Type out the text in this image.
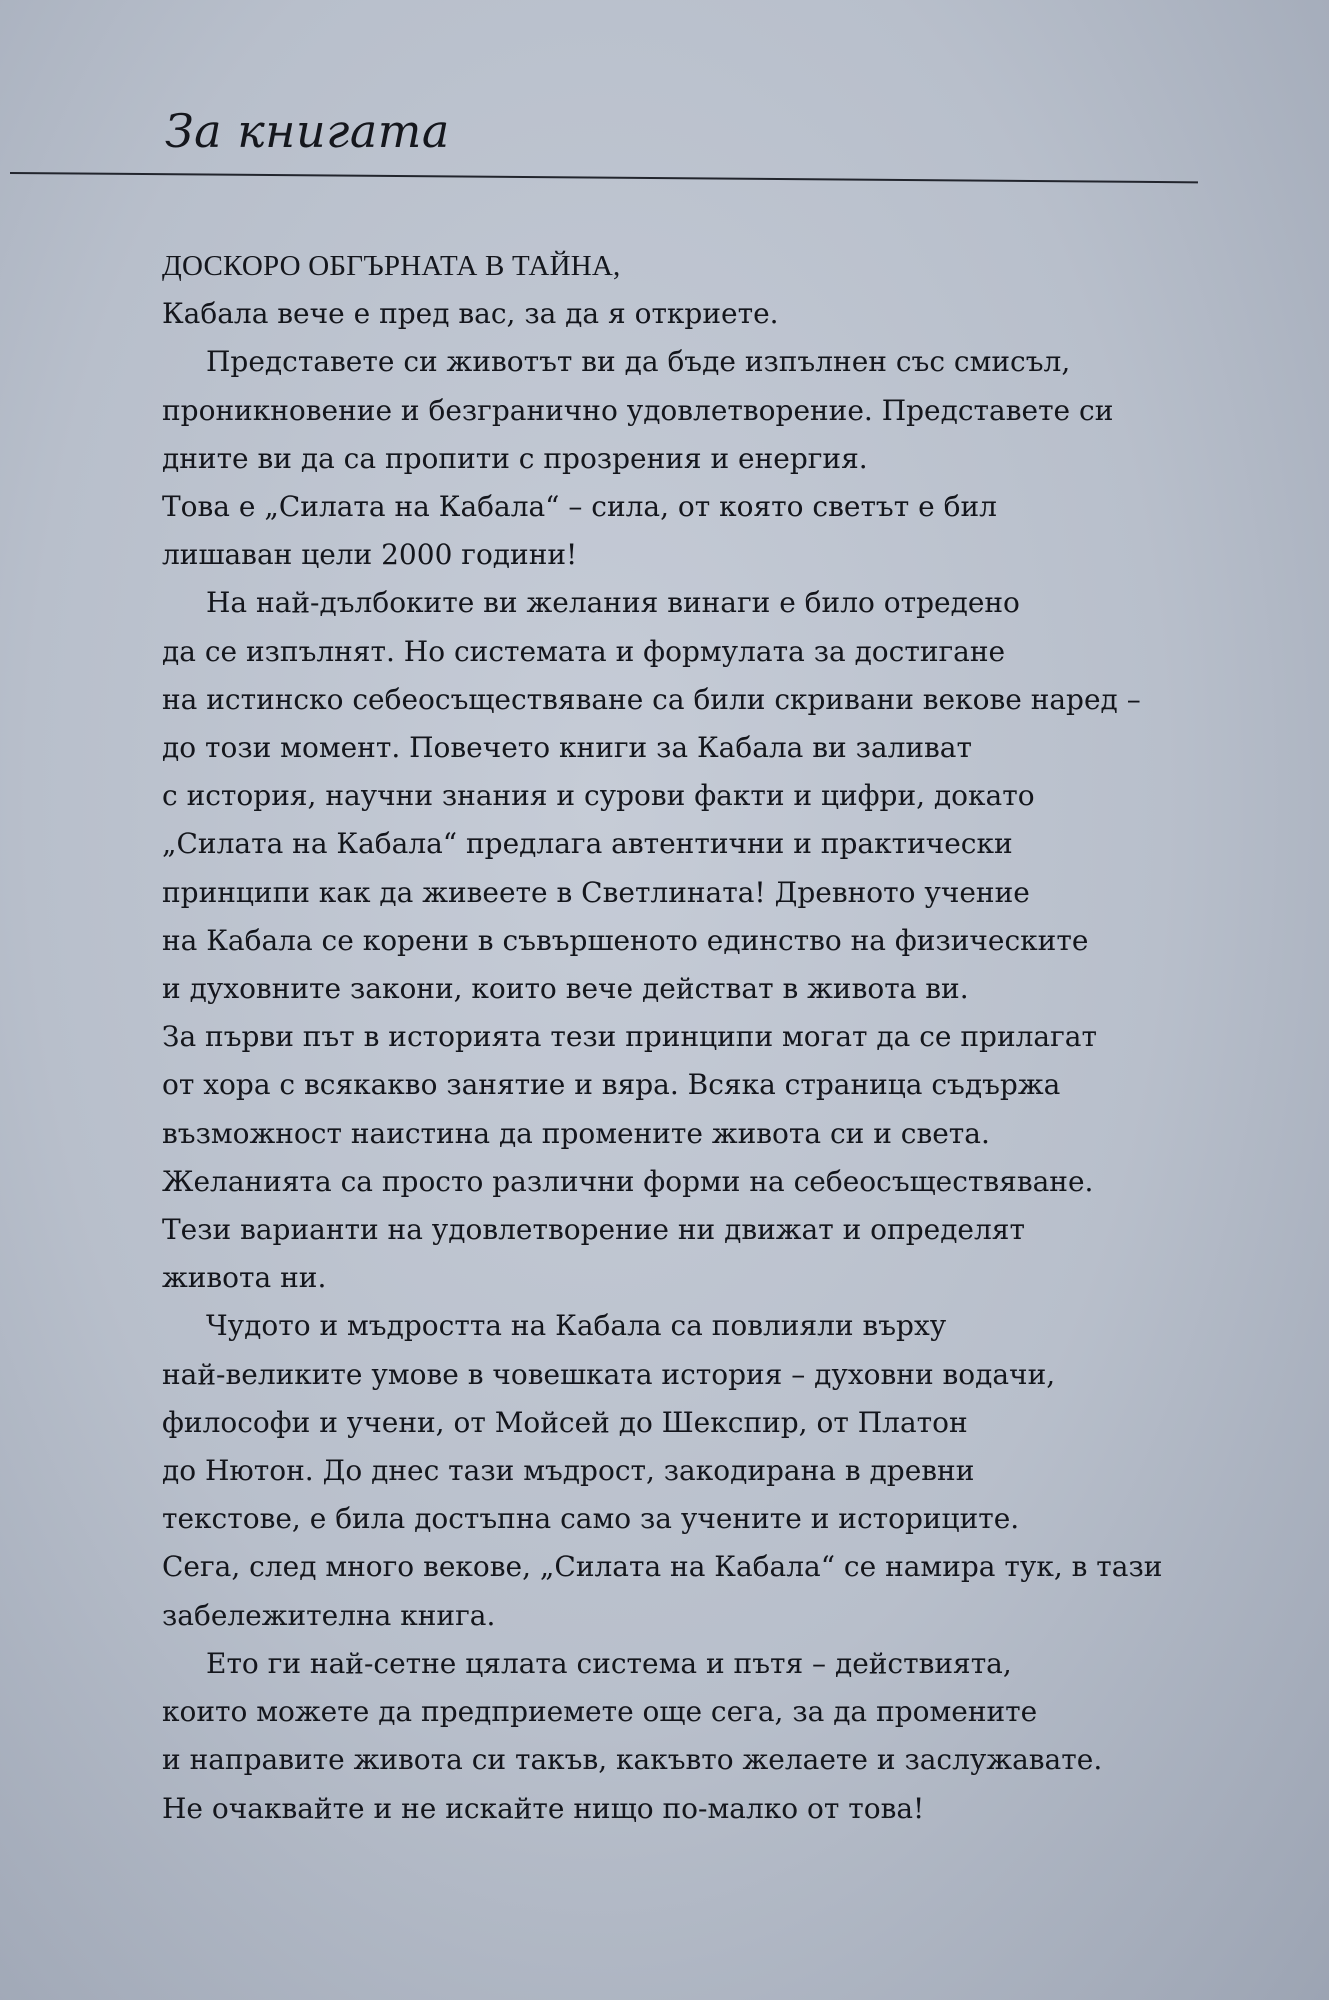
За книгата
ДОСКОРО ОБГЪРНАТА В ТАЙНА,
Кабала вече е пред вас, за да я откриете.
Представете си животът ви да бъде изпълнен със смисъл,
проникновение и безгранично удовлетворение. Представете си
дните ви да са пропити с прозрения и енергия.
Това е „Силата на Кабала“ – сила, от която светът е бил
лишаван цели 2000 години!
На най-дълбоките ви желания винаги е било отредено
да се изпълнят. Но системата и формулата за достигане
на истинско себеосъществяване са били скривани векове наред –
до този момент. Повечето книги за Кабала ви заливат
с история, научни знания и сурови факти и цифри, докато
„Силата на Кабала“ предлага автентични и практически
принципи как да живеете в Светлината! Древното учение
на Кабала се корени в съвършеното единство на физическите
и духовните закони, които вече действат в живота ви.
За първи път в историята тези принципи могат да се прилагат
от хора с всякакво занятие и вяра. Всяка страница съдържа
възможност наистина да промените живота си и света.
Желанията са просто различни форми на себеосъществяване.
Тези варианти на удовлетворение ни движат и определят
живота ни.
Чудото и мъдростта на Кабала са повлияли върху
най-великите умове в човешката история – духовни водачи,
философи и учени, от Мойсей до Шекспир, от Платон
до Нютон. До днес тази мъдрост, закодирана в древни
текстове, е била достъпна само за учените и историците.
Сега, след много векове, „Силата на Кабала“ се намира тук, в тази
забележителна книга.
Ето ги най-сетне цялата система и пътя – действията,
които можете да предприемете още сега, за да промените
и направите живота си такъв, какъвто желаете и заслужавате.
Не очаквайте и не искайте нищо по-малко от това!
